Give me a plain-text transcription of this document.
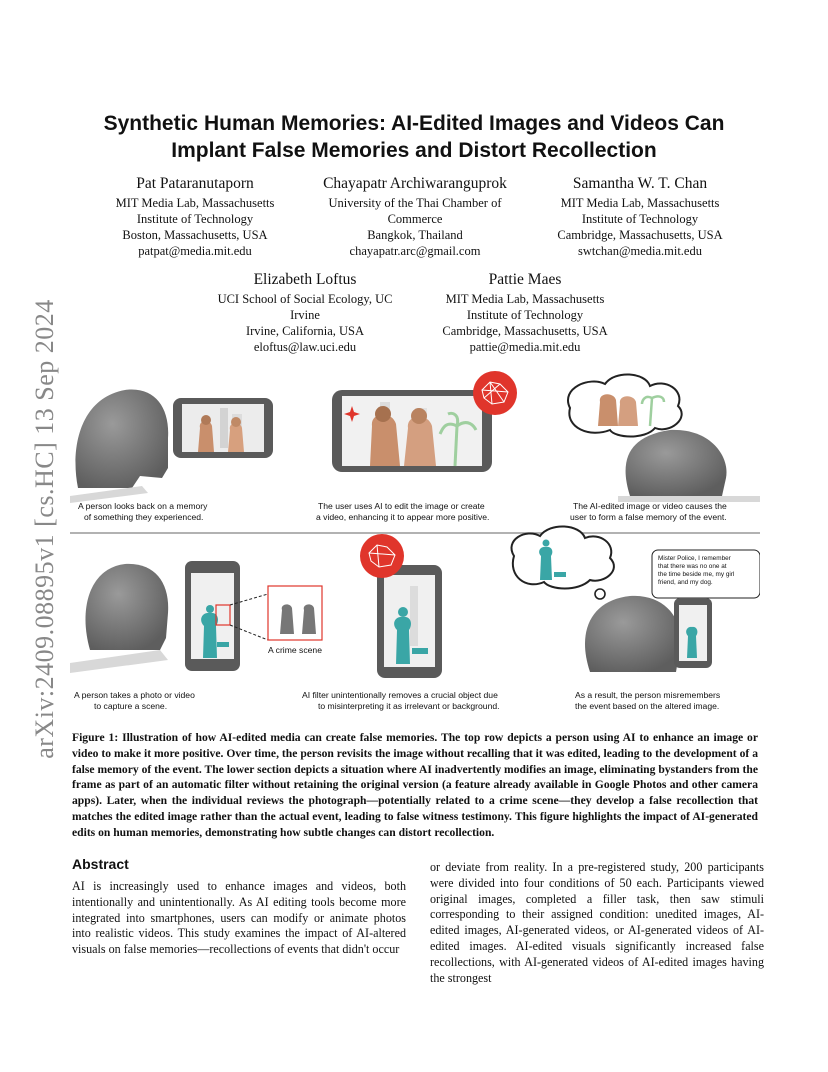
arXiv:2409.08895v1 [cs.HC] 13 Sep 2024
Synthetic Human Memories: AI-Edited Images and Videos Can
Implant False Memories and Distort Recollection
Pat Pataranutaporn
MIT Media Lab, Massachusetts
Institute of Technology
Boston, Massachusetts, USA
patpat@media.mit.edu
Chayapatr Archiwaranguprok
University of the Thai Chamber of
Commerce
Bangkok, Thailand
chayapatr.arc@gmail.com
Samantha W. T. Chan
MIT Media Lab, Massachusetts
Institute of Technology
Cambridge, Massachusetts, USA
swtchan@media.mit.edu
Elizabeth Loftus
UCI School of Social Ecology, UC
Irvine
Irvine, California, USA
eloftus@law.uci.edu
Pattie Maes
MIT Media Lab, Massachusetts
Institute of Technology
Cambridge, Massachusetts, USA
pattie@media.mit.edu
A person looks back on a memory of something they experienced.
The user uses AI to edit the image or create a video, enhancing it to appear more positive.
The AI-edited image or video causes the user to form a false memory of the event.
A crime scene
Mister Police, I remember that there was no one at the time beside me, my girl friend, and my dog.
A person takes a photo or video to capture a scene.
AI filter unintentionally removes a crucial object due to misinterpreting it as irrelevant or background.
As a result, the person misremembers the event based on the altered image.
Figure 1: Illustration of how AI-edited media can create false memories. The top row depicts a person using AI to enhance an image or video to make it more positive. Over time, the person revisits the image without recalling that it was edited, leading to the development of a false memory of the event. The lower section depicts a situation where AI inadvertently modifies an image, eliminating bystanders from the frame as part of an automatic filter without retaining the original version (a feature already available in Google Photos and other camera apps). Later, when the individual reviews the photograph—potentially related to a crime scene—they develop a false recollection that matches the edited image rather than the actual event, leading to false witness testimony. This figure highlights the impact of AI-generated edits on human memories, demonstrating how subtle changes can distort recollection.
Abstract
AI is increasingly used to enhance images and videos, both intentionally and unintentionally. As AI editing tools become more integrated into smartphones, users can modify or animate photos into realistic videos. This study examines the impact of AI-altered visuals on false memories—recollections of events that didn't occur
or deviate from reality. In a pre-registered study, 200 participants were divided into four conditions of 50 each. Participants viewed original images, completed a filler task, then saw stimuli corresponding to their assigned condition: unedited images, AI-edited images, AI-generated videos, or AI-generated videos of AI-edited images. AI-edited visuals significantly increased false recollections, with AI-generated videos of AI-edited images having the strongest
